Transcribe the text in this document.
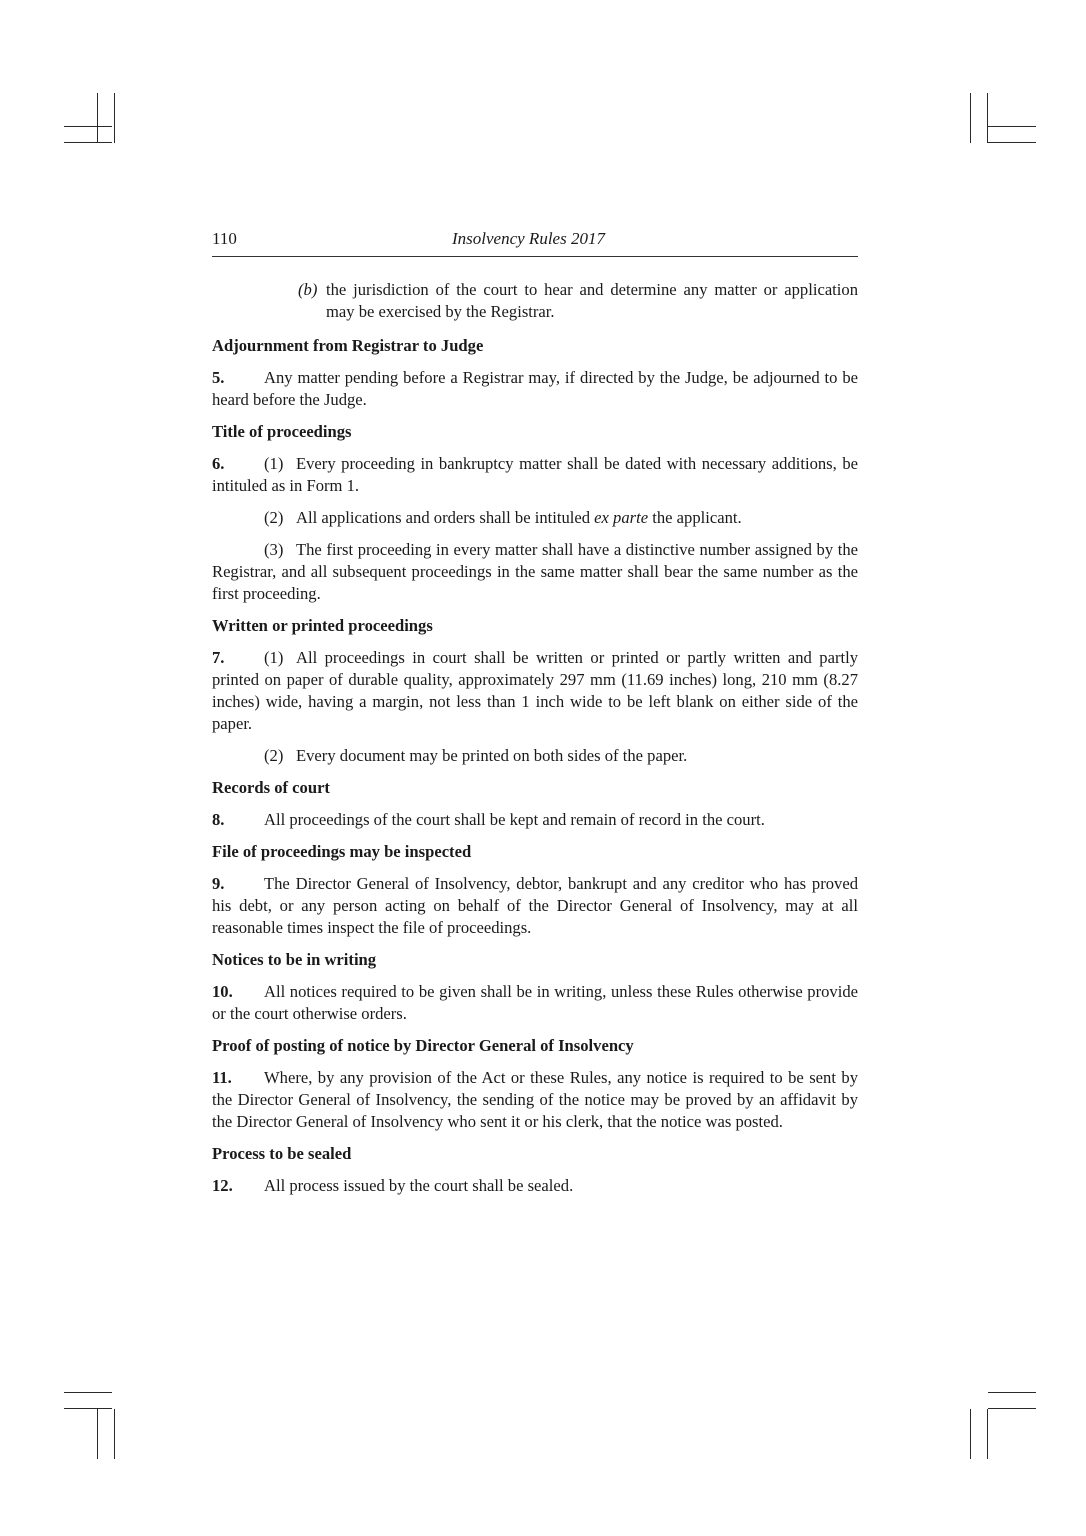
110	Insolvency Rules 2017
(b) the jurisdiction of the court to hear and determine any matter or application may be exercised by the Registrar.
Adjournment from Registrar to Judge

5. Any matter pending before a Registrar may, if directed by the Judge, be adjourned to be heard before the Judge.

Title of proceedings

6. (1) Every proceeding in bankruptcy matter shall be dated with necessary additions, be intituled as in Form 1.

(2) All applications and orders shall be intituled ex parte the applicant.

(3) The first proceeding in every matter shall have a distinctive number assigned by the Registrar, and all subsequent proceedings in the same matter shall bear the same number as the first proceeding.

Written or printed proceedings

7. (1) All proceedings in court shall be written or printed or partly written and partly printed on paper of durable quality, approximately 297 mm (11.69 inches) long, 210 mm (8.27 inches) wide, having a margin, not less than 1 inch wide to be left blank on either side of the paper.

(2) Every document may be printed on both sides of the paper.

Records of court

8. All proceedings of the court shall be kept and remain of record in the court.

File of proceedings may be inspected

9. The Director General of Insolvency, debtor, bankrupt and any creditor who has proved his debt, or any person acting on behalf of the Director General of Insolvency, may at all reasonable times inspect the file of proceedings.

Notices to be in writing

10. All notices required to be given shall be in writing, unless these Rules otherwise provide or the court otherwise orders.

Proof of posting of notice by Director General of Insolvency

11. Where, by any provision of the Act or these Rules, any notice is required to be sent by the Director General of Insolvency, the sending of the notice may be proved by an affidavit by the Director General of Insolvency who sent it or his clerk, that the notice was posted.

Process to be sealed

12. All process issued by the court shall be sealed.
